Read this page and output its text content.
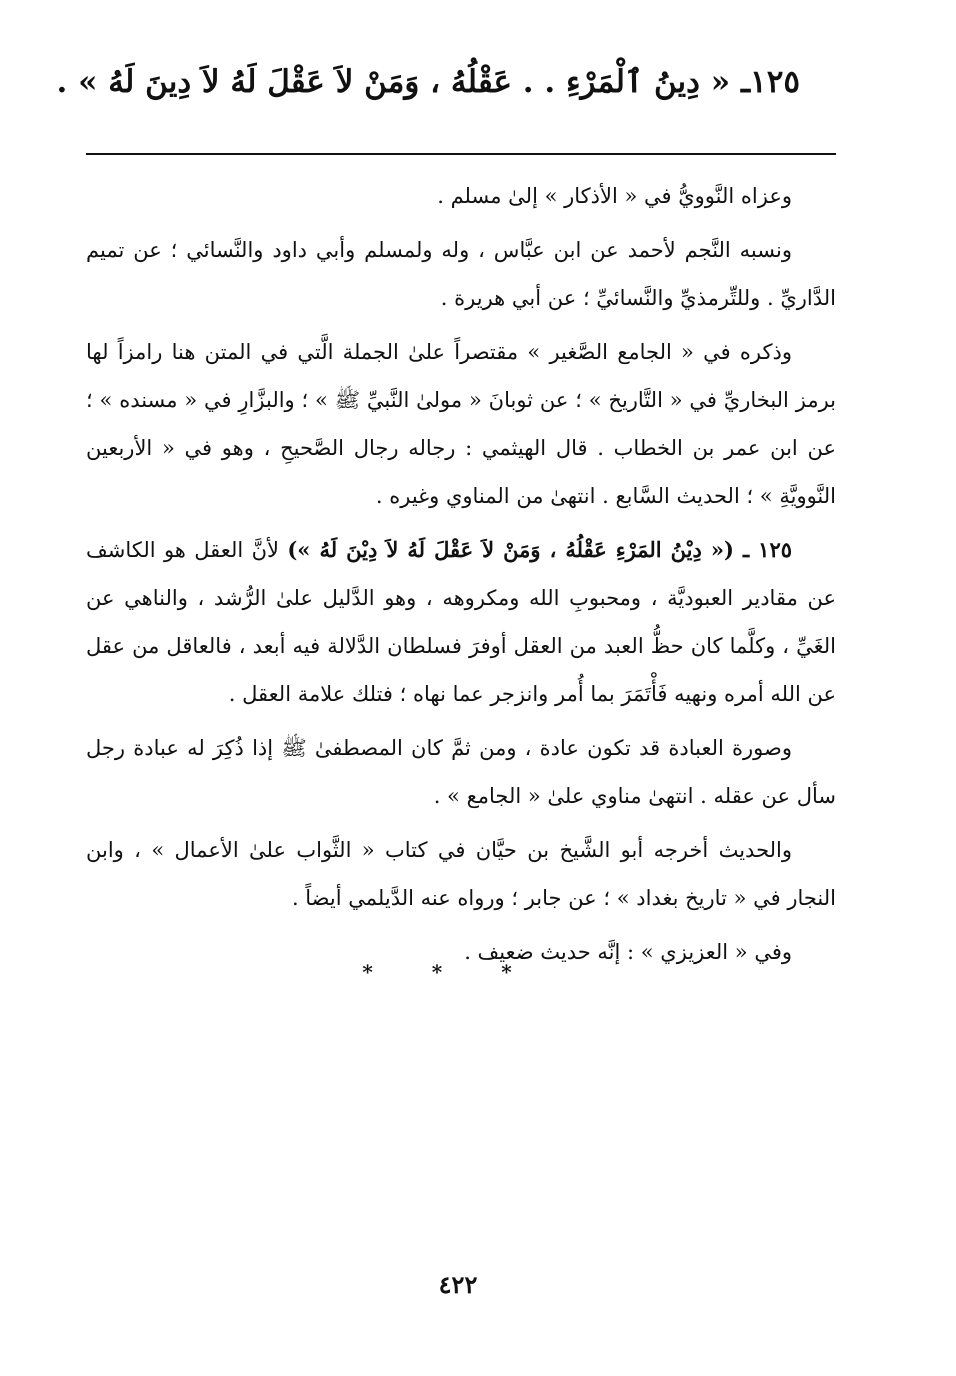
١٢٥ـ « دِينُ ٱلْمَرْءِ . . عَقْلُهُ ، وَمَنْ لاَ عَقْلَ لَهُ لاَ دِينَ لَهُ » .

وعزاه النَّوويُّ في « الأذكار » إلىٰ مسلم .

ونسبه النَّجم لأحمد عن ابن عبَّاس ، وله ولمسلم وأبي داود والنَّسائي ؛ عن تميم الدَّاريِّ . وللتِّرمذيِّ والنَّسائيِّ ؛ عن أبي هريرة .

وذكره في « الجامع الصَّغير » مقتصراً علىٰ الجملة الَّتي في المتن هنا رامزاً لها برمز البخاريِّ في « التَّاريخ » ؛ عن ثوبانَ « مولىٰ النَّبيِّ ﷺ » ؛ والبزَّارِ في « مسنده » ؛ عن ابن عمر بن الخطاب . قال الهيثمي : رجاله رجال الصَّحيحِ ، وهو في « الأربعين النَّوويَّةِ » ؛ الحديث السَّابع . انتهىٰ من المناوي وغيره .

١٢٥ ـ (« دِيْنُ المَرْءِ عَقْلُهُ ، وَمَنْ لاَ عَقْلَ لَهُ لاَ دِيْنَ لَهُ ») لأنَّ العقل هو الكاشف عن مقادير العبوديَّة ، ومحبوبِ الله ومكروهه ، وهو الدَّليل علىٰ الرُّشد ، والناهي عن الغَيِّ ، وكلَّما كان حظُّ العبد من العقل أوفرَ فسلطان الدَّلالة فيه أبعد ، فالعاقل من عقل عن الله أمره ونهيه فَأْتَمَرَ بما أُمر وانزجر عما نهاه ؛ فتلك علامة العقل .

وصورة العبادة قد تكون عادة ، ومن ثمَّ كان المصطفىٰ ﷺ إذا ذُكِرَ له عبادة رجل سأل عن عقله . انتهىٰ مناوي علىٰ « الجامع » .

والحديث أخرجه أبو الشَّيخ بن حيَّان في كتاب « الثَّواب علىٰ الأعمال » ، وابن النجار في « تاريخ بغداد » ؛ عن جابر ؛ ورواه عنه الدَّيلمي أيضاً .

وفي « العزيزي » : إنَّه حديث ضعيف .

* * *
٤٢٢
